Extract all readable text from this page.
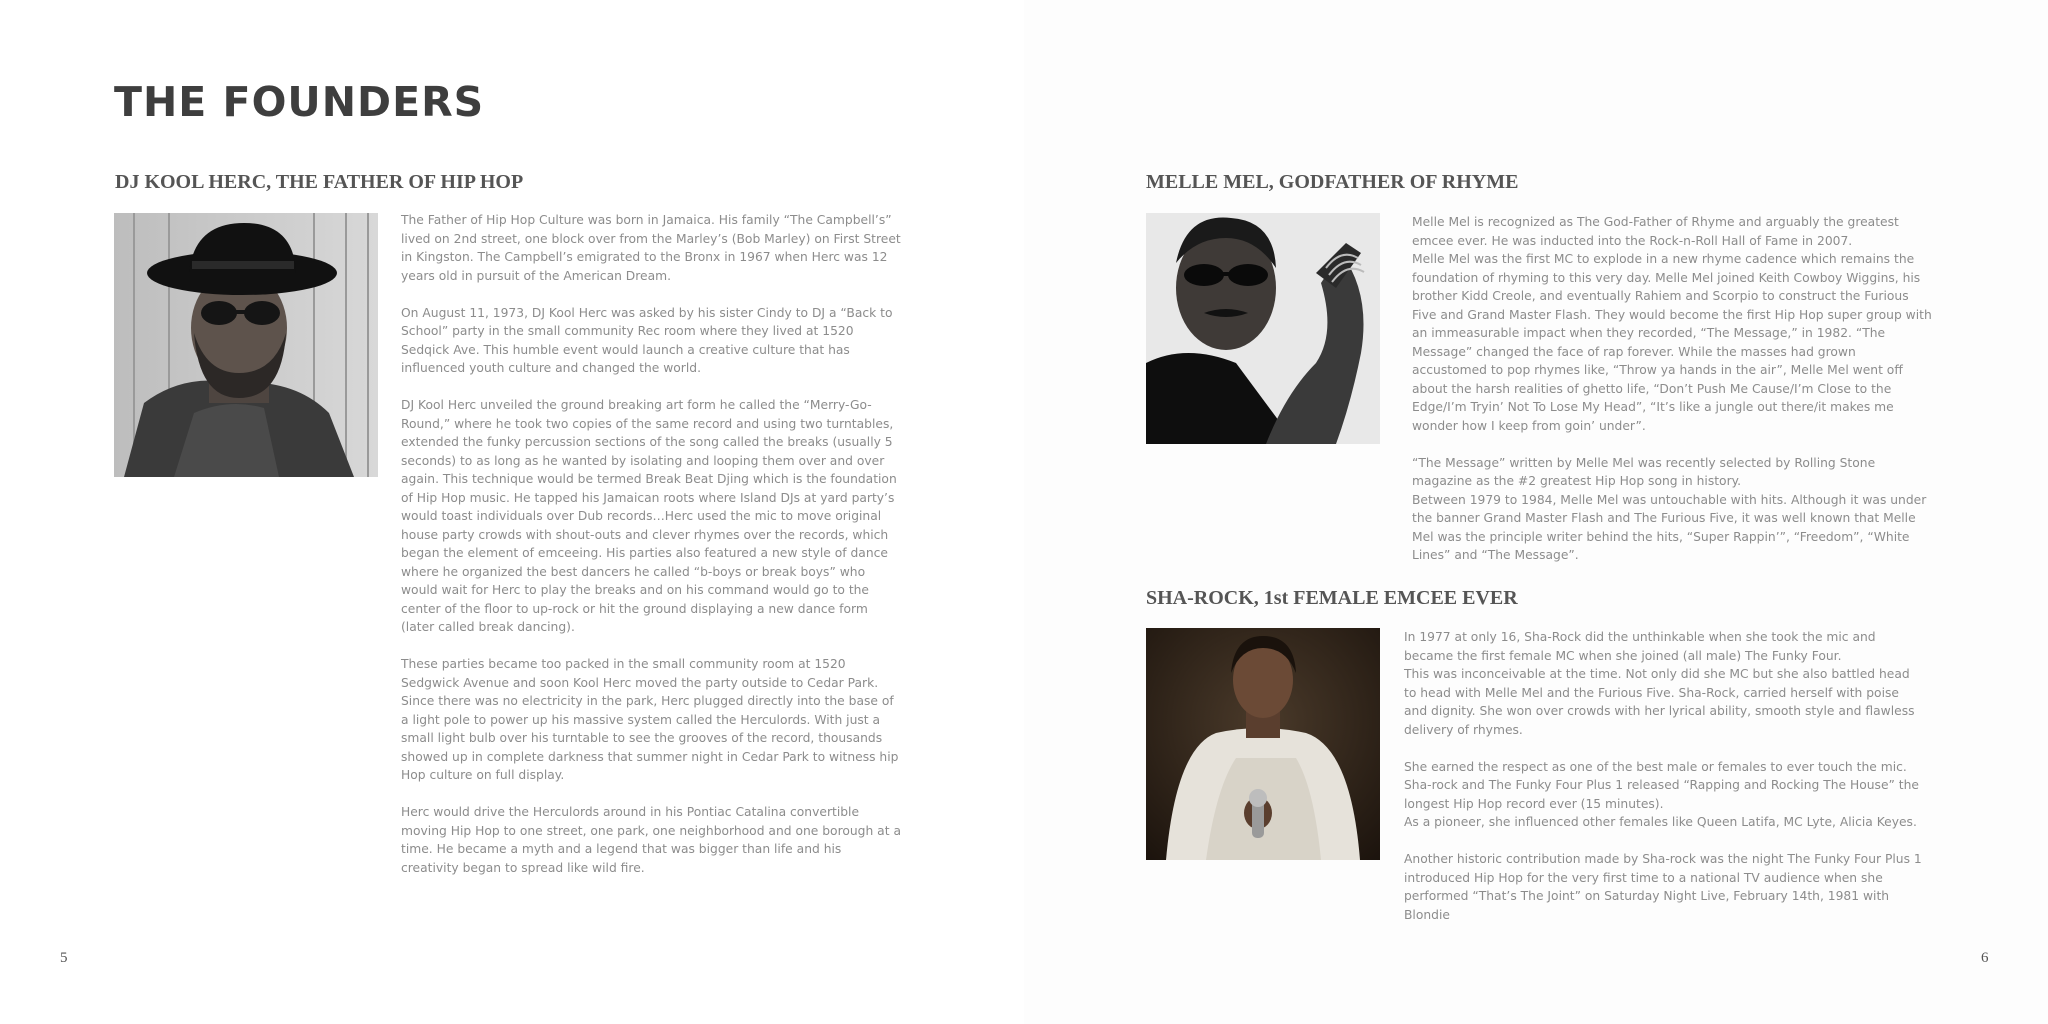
THE FOUNDERS
DJ KOOL HERC, THE FATHER OF HIP HOP

The Father of Hip Hop Culture was born in Jamaica. His family “The Campbell’s” lived on 2nd street, one block over from the Marley’s (Bob Marley) on First Street in Kingston. The Campbell’s emigrated to the Bronx in 1967 when Herc was 12 years old in pursuit of the American Dream.

On August 11, 1973, DJ Kool Herc was asked by his sister Cindy to DJ a “Back to School” party in the small community Rec room where they lived at 1520 Sedqick Ave. This humble event would launch a creative culture that has influenced youth culture and changed the world.

DJ Kool Herc unveiled the ground breaking art form he called the “Merry-Go-Round,” where he took two copies of the same record and using two turntables, extended the funky percussion sections of the song called the breaks (usually 5 seconds) to as long as he wanted by isolating and looping them over and over again. This technique would be termed Break Beat Djing which is the foundation of Hip Hop music. He tapped his Jamaican roots where Island DJs at yard party’s would toast individuals over Dub records…Herc used the mic to move original house party crowds with shout-outs and clever rhymes over the records, which began the element of emceeing. His parties also featured a new style of dance where he organized the best dancers he called “b-boys or break boys” who would wait for Herc to play the breaks and on his command would go to the center of the floor to up-rock or hit the ground displaying a new dance form (later called break dancing).

These parties became too packed in the small community room at 1520 Sedgwick Avenue and soon Kool Herc moved the party outside to Cedar Park. Since there was no electricity in the park, Herc plugged directly into the base of a light pole to power up his massive system called the Herculords. With just a small light bulb over his turntable to see the grooves of the record, thousands showed up in complete darkness that summer night in Cedar Park to witness hip Hop culture on full display.

Herc would drive the Herculords around in his Pontiac Catalina convertible moving Hip Hop to one street, one park, one neighborhood and one borough at a time. He became a myth and a legend that was bigger than life and his creativity began to spread like wild fire.

5
MELLE MEL, GODFATHER OF RHYME

Melle Mel is recognized as The God-Father of Rhyme and arguably the greatest emcee ever. He was inducted into the Rock-n-Roll Hall of Fame in 2007.

Melle Mel was the first MC to explode in a new rhyme cadence which remains the foundation of rhyming to this very day. Melle Mel joined Keith Cowboy Wiggins, his brother Kidd Creole, and eventually Rahiem and Scorpio to construct the Furious Five and Grand Master Flash. They would become the first Hip Hop super group with an immeasurable impact when they recorded, “The Message,” in 1982. “The Message” changed the face of rap forever. While the masses had grown accustomed to pop rhymes like, “Throw ya hands in the air”, Melle Mel went off about the harsh realities of ghetto life, “Don’t Push Me Cause/I’m Close to the Edge/I’m Tryin’ Not To Lose My Head”, “It’s like a jungle out there/it makes me wonder how I keep from goin’ under”.

“The Message” written by Melle Mel was recently selected by Rolling Stone magazine as the #2 greatest Hip Hop song in history.

Between 1979 to 1984, Melle Mel was untouchable with hits. Although it was under the banner Grand Master Flash and The Furious Five, it was well known that Melle Mel was the principle writer behind the hits, “Super Rappin’”, “Freedom”, “White Lines” and “The Message”.

SHA-ROCK, 1st FEMALE EMCEE EVER

In 1977 at only 16, Sha-Rock did the unthinkable when she took the mic and became the first female MC when she joined (all male) The Funky Four.

This was inconceivable at the time. Not only did she MC but she also battled head to head with Melle Mel and the Furious Five. Sha-Rock, carried herself with poise and dignity. She won over crowds with her lyrical ability, smooth style and flawless delivery of rhymes.

She earned the respect as one of the best male or females to ever touch the mic. Sha-rock and The Funky Four Plus 1 released “Rapping and Rocking The House” the longest Hip Hop record ever (15 minutes).

As a pioneer, she influenced other females like Queen Latifa, MC Lyte, Alicia Keyes.

Another historic contribution made by Sha-rock was the night The Funky Four Plus 1 introduced Hip Hop for the very first time to a national TV audience when she performed “That’s The Joint” on Saturday Night Live, February 14th, 1981 with Blondie

6
